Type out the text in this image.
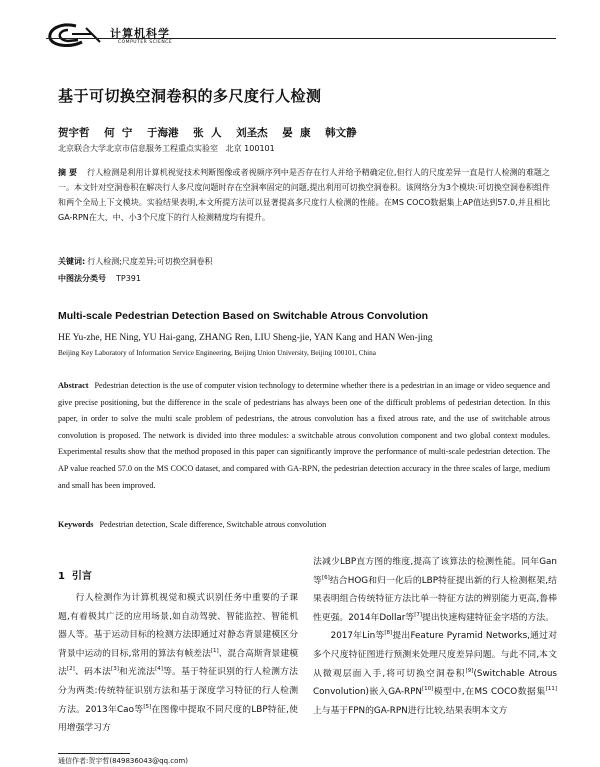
计算机科学
COMPUTER SCIENCE
基于可切换空洞卷积的多尺度行人检测
贺宇哲    何  宁    于海港    张  人    刘圣杰    晏  康    韩文静
北京联合大学北京市信息服务工程重点实验室   北京 100101
摘 要 行人检测是利用计算机视觉技术判断图像或者视频序列中是否存在行人并给予精确定位,但行人的尺度差异一直是行人检测的难题之一。本文针对空洞卷积在解决行人多尺度问题时存在空洞率固定的问题,提出利用可切换空洞卷积。该网络分为3个模块:可切换空洞卷积组件和两个全局上下文模块。实验结果表明,本文所提方法可以显著提高多尺度行人检测的性能。在MS COCO数据集上AP值达到57.0,并且相比GA-RPN在大、中、小3个尺度下的行人检测精度均有提升。
关键词: 行人检测;尺度差异;可切换空洞卷积
中图法分类号 TP391
Multi-scale Pedestrian Detection Based on Switchable Atrous Convolution
HE Yu-zhe, HE Ning, YU Hai-gang, ZHANG Ren, LIU Sheng-jie, YAN Kang and HAN Wen-jing
Beijing Key Laboratory of Information Service Engineering, Beijing Union University, Beijing 100101, China
Abstract Pedestrian detection is the use of computer vision technology to determine whether there is a pedestrian in an image or video sequence and give precise positioning, but the difference in the scale of pedestrians has always been one of the difficult problems of pedestrian detection. In this paper, in order to solve the multi scale problem of pedestrians, the atrous convolution has a fixed atrous rate, and the use of switchable atrous convolution is proposed. The network is divided into three modules: a switchable atrous convolution component and two global context modules. Experimental results show that the method proposed in this paper can significantly improve the performance of multi-scale pedestrian detection. The AP value reached 57.0 on the MS COCO dataset, and compared with GA-RPN, the pedestrian detection accuracy in the three scales of large, medium and small has been improved.
Keywords Pedestrian detection, Scale difference, Switchable atrous convolution
1  引言
行人检测作为计算机视觉和模式识别任务中重要的子课题,有着极其广泛的应用场景,如自动驾驶、智能监控、智能机器人等。基于运动目标的检测方法即通过对静态背景建模区分背景中运动的目标,常用的算法有帧差法[1]、混合高斯背景建模法[2]、码本法[3]和光流法[4]等。基于特征识别的行人检测方法分为两类:传统特征识别方法和基于深度学习特征的行人检测方法。2013年Cao等[5]在图像中提取不同尺度的LBP特征,使用增强学习方

法减少LBP直方图的维度,提高了该算法的检测性能。同年Gan等[6]结合HOG和归一化后的LBP特征提出新的行人检测框架,结果表明组合传统特征方法比单一特征方法的辨别能力更高,鲁棒性更强。2014年Dollar等[7]提出快速构建特征金字塔的方法。

2017年Lin等[8]提出Feature Pyramid Networks,通过对多个尺度特征图进行预测来处理尺度差异问题。与此不同,本文从微观层面入手,将可切换空洞卷积[9](Switchable Atrous Convolution)嵌入GA-RPN[10]模型中,在MS COCO数据集[11]上与基于FPN的GA-RPN进行比较,结果表明本文方

通信作者:贺宇哲(849836043@qq.com)
